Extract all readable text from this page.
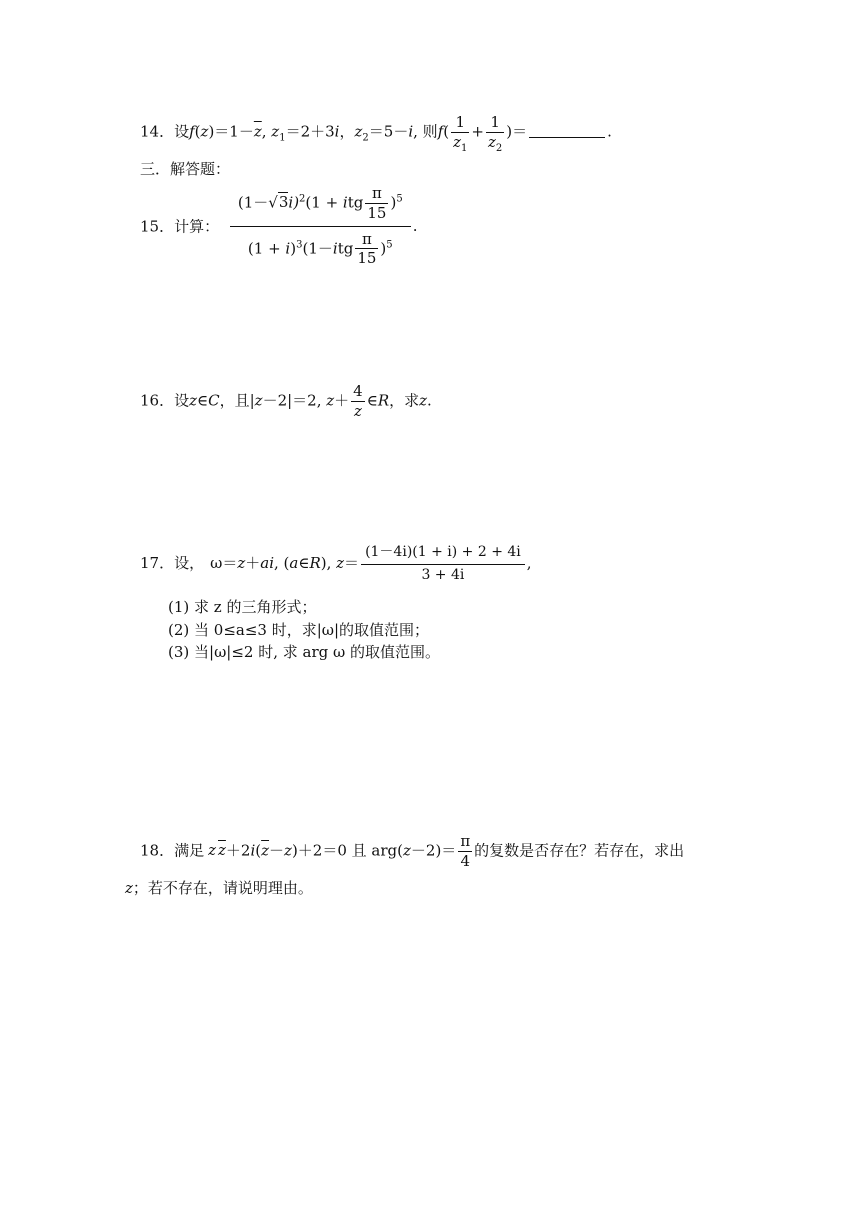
14．设$f(z)=1-\overline{z}$, $z_1=2+3i$，$z_2=5-i$, 则$f( \frac{1}{z_1} + \frac{1}{z_2}$ )＝	.
三．解答题：
15．计算： $\frac{(1-√3i)^2(1 + itg \frac{\pi}{15} )^5}{(1 + i)^3(1-itg \frac{\pi}{15} )^5}$ .
16．设z∈C，且|z－2|＝2, $z+ \frac{4}{z}$ ∈R，求z.
17．设， ω＝z＋ai, (a∈R), $z= \frac{(1-4i)(1 + i) + 2 + 4i}{3 + 4i}$ ,
(1) 求 z 的三角形式；
(2) 当 0≤a≤3 时，求|ω|的取值范围；
(3) 当|ω|≤2 时, 求 arg ω 的取值范围。
18．满足 z $\overline{z}+2i(\overline{z}-z)+2=0$ 且 $arg(z-2)= \frac{\pi}{4}$ 的复数是否存在？若存在，求出
z；若不存在，请说明理由。
